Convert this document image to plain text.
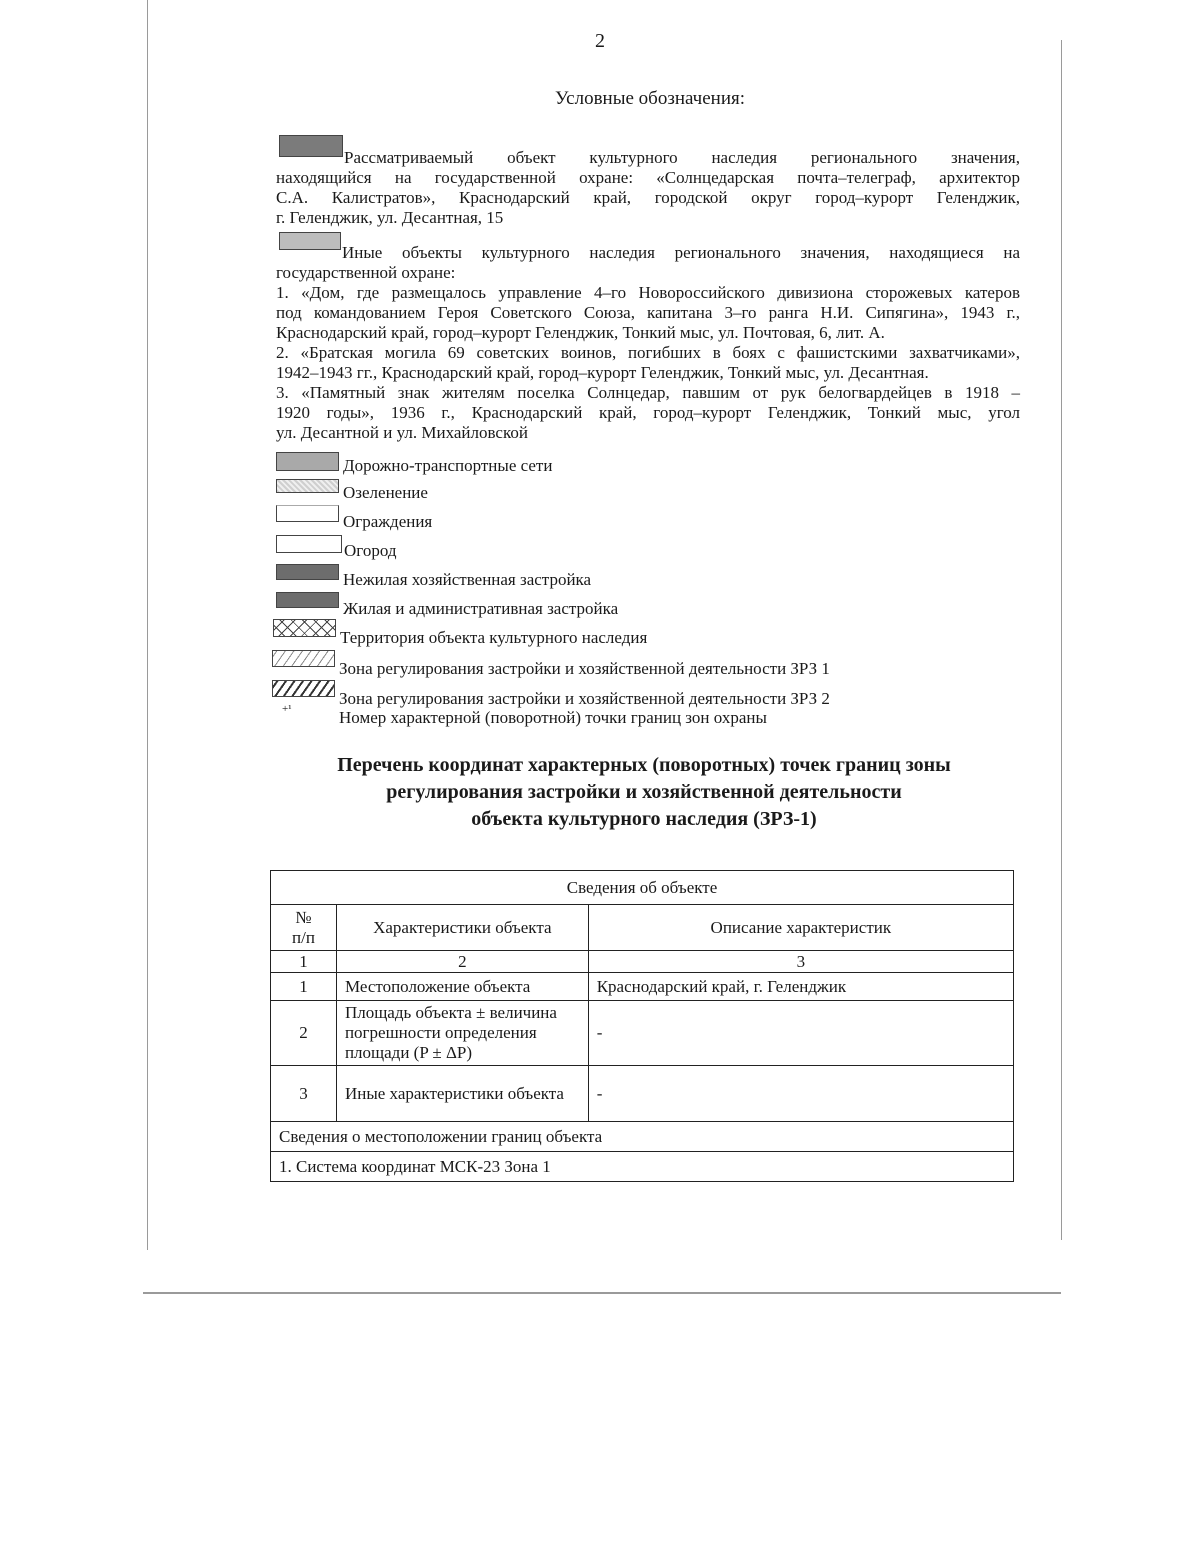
2
Условные обозначения:
Рассматриваемый объект культурного наследия регионального значения,
находящийся на государственной охране: «Солнцедарская почта–телеграф, архитектор
С.А. Калистратов», Краснодарский край, городской округ город–курорт Геленджик,
г. Геленджик, ул. Десантная, 15
Иные объекты культурного наследия регионального значения, находящиеся на
государственной охране:
1. «Дом, где размещалось управление 4–го Новороссийского дивизиона сторожевых катеров
под командованием Героя Советского Союза, капитана 3–го ранга Н.И. Сипягина», 1943 г.,
Краснодарский край, город–курорт Геленджик, Тонкий мыс, ул. Почтовая, 6, лит. А.
2. «Братская могила 69 советских воинов, погибших в боях с фашистскими захватчиками»,
1942–1943 гг., Краснодарский край, город–курорт Геленджик, Тонкий мыс, ул. Десантная.
3. «Памятный знак жителям поселка Солнцедар, павшим от рук белогвардейцев в 1918 –
1920 годы», 1936 г., Краснодарский край, город–курорт Геленджик, Тонкий мыс, угол
ул. Десантной и ул. Михайловской
Дорожно-транспортные сети
Озеленение
Ограждения
Огород
Нежилая хозяйственная застройка
Жилая и административная застройка
Территория объекта культурного наследия
Зона регулирования застройки и хозяйственной деятельности ЗРЗ 1
Зона регулирования застройки и хозяйственной деятельности ЗРЗ 2
+¹	Номер характерной (поворотной) точки границ зон охраны
Перечень координат характерных (поворотных) точек границ зоны
регулирования застройки и хозяйственной деятельности
объекта культурного наследия (ЗРЗ-1)
Сведения об объекте		
№ п/п	Характеристики объекта	Описание характеристик
1	2	3
1	Местоположение объекта	Краснодарский край, г. Геленджик
2	Площадь объекта ± величина погрешности определения площади (P ± ΔP)	-
3	Иные характеристики объекта	-
Сведения о местоположении границ объекта		
1. Система координат МСК-23 Зона 1		
